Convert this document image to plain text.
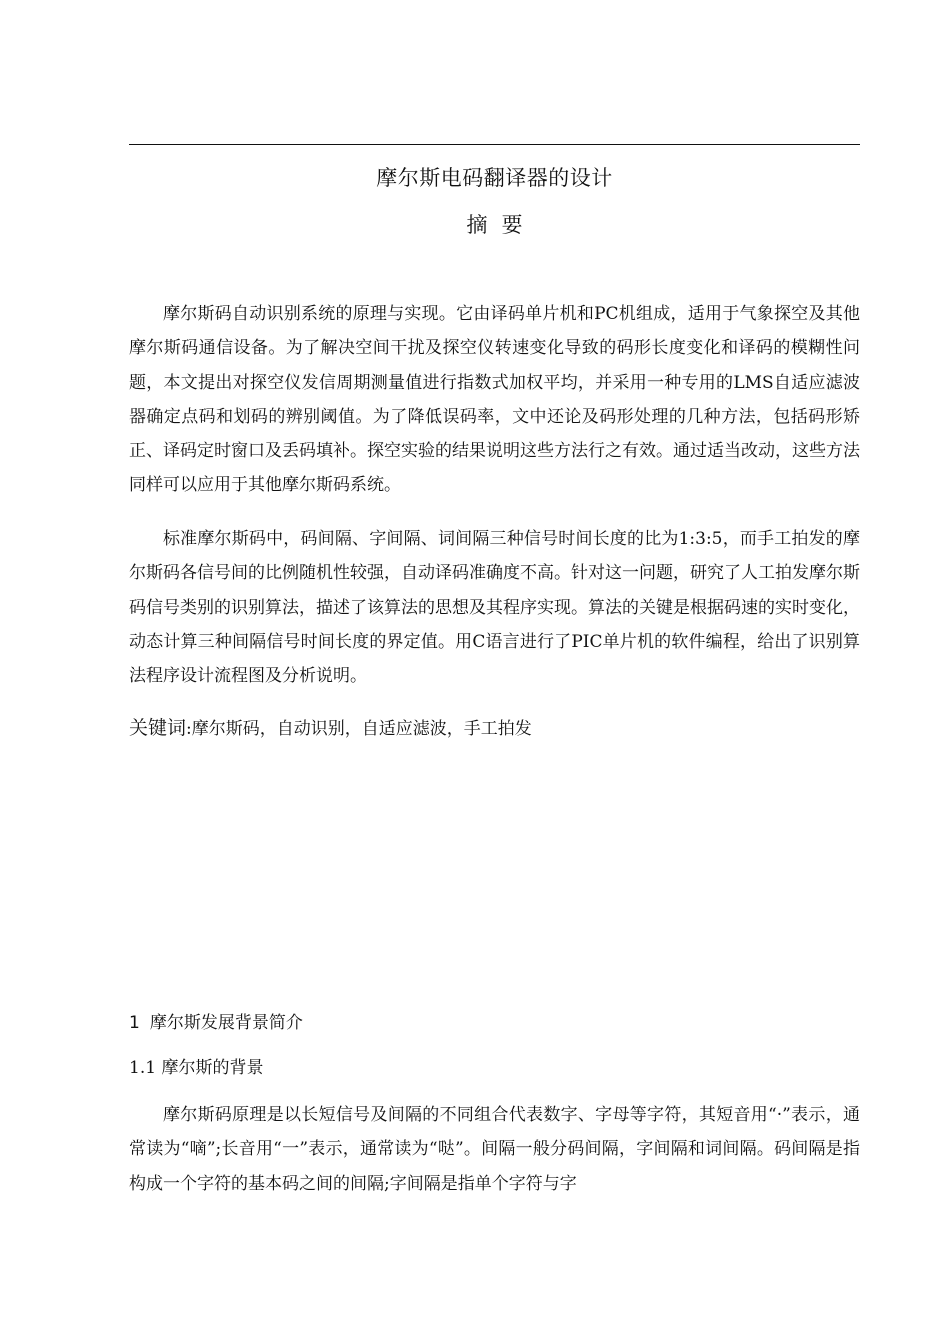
摩尔斯电码翻译器的设计
摘要

摩尔斯码自动识别系统的原理与实现。它由译码单片机和PC机组成，适用于气象探空及其他摩尔斯码通信设备。为了解决空间干扰及探空仪转速变化导致的码形长度变化和译码的模糊性问题，本文提出对探空仪发信周期测量值进行指数式加权平均，并采用一种专用的LMS自适应滤波器确定点码和划码的辨别阈值。为了降低误码率，文中还论及码形处理的几种方法，包括码形矫正、译码定时窗口及丢码填补。探空实验的结果说明这些方法行之有效。通过适当改动，这些方法同样可以应用于其他摩尔斯码系统。

标准摩尔斯码中，码间隔、字间隔、词间隔三种信号时间长度的比为1:3:5，而手工拍发的摩尔斯码各信号间的比例随机性较强，自动译码准确度不高。针对这一问题，研究了人工拍发摩尔斯码信号类别的识别算法，描述了该算法的思想及其程序实现。算法的关键是根据码速的实时变化，动态计算三种间隔信号时间长度的界定值。用C语言进行了PIC单片机的软件编程，给出了识别算法程序设计流程图及分析说明。

关键词:摩尔斯码，自动识别，自适应滤波，手工拍发
1 摩尔斯发展背景简介
1.1 摩尔斯的背景

摩尔斯码原理是以长短信号及间隔的不同组合代表数字、字母等字符，其短音用“·”表示，通常读为“嘀”;长音用“一”表示，通常读为“哒”。间隔一般分码间隔，字间隔和词间隔。码间隔是指构成一个字符的基本码之间的间隔;字间隔是指单个字符与字
